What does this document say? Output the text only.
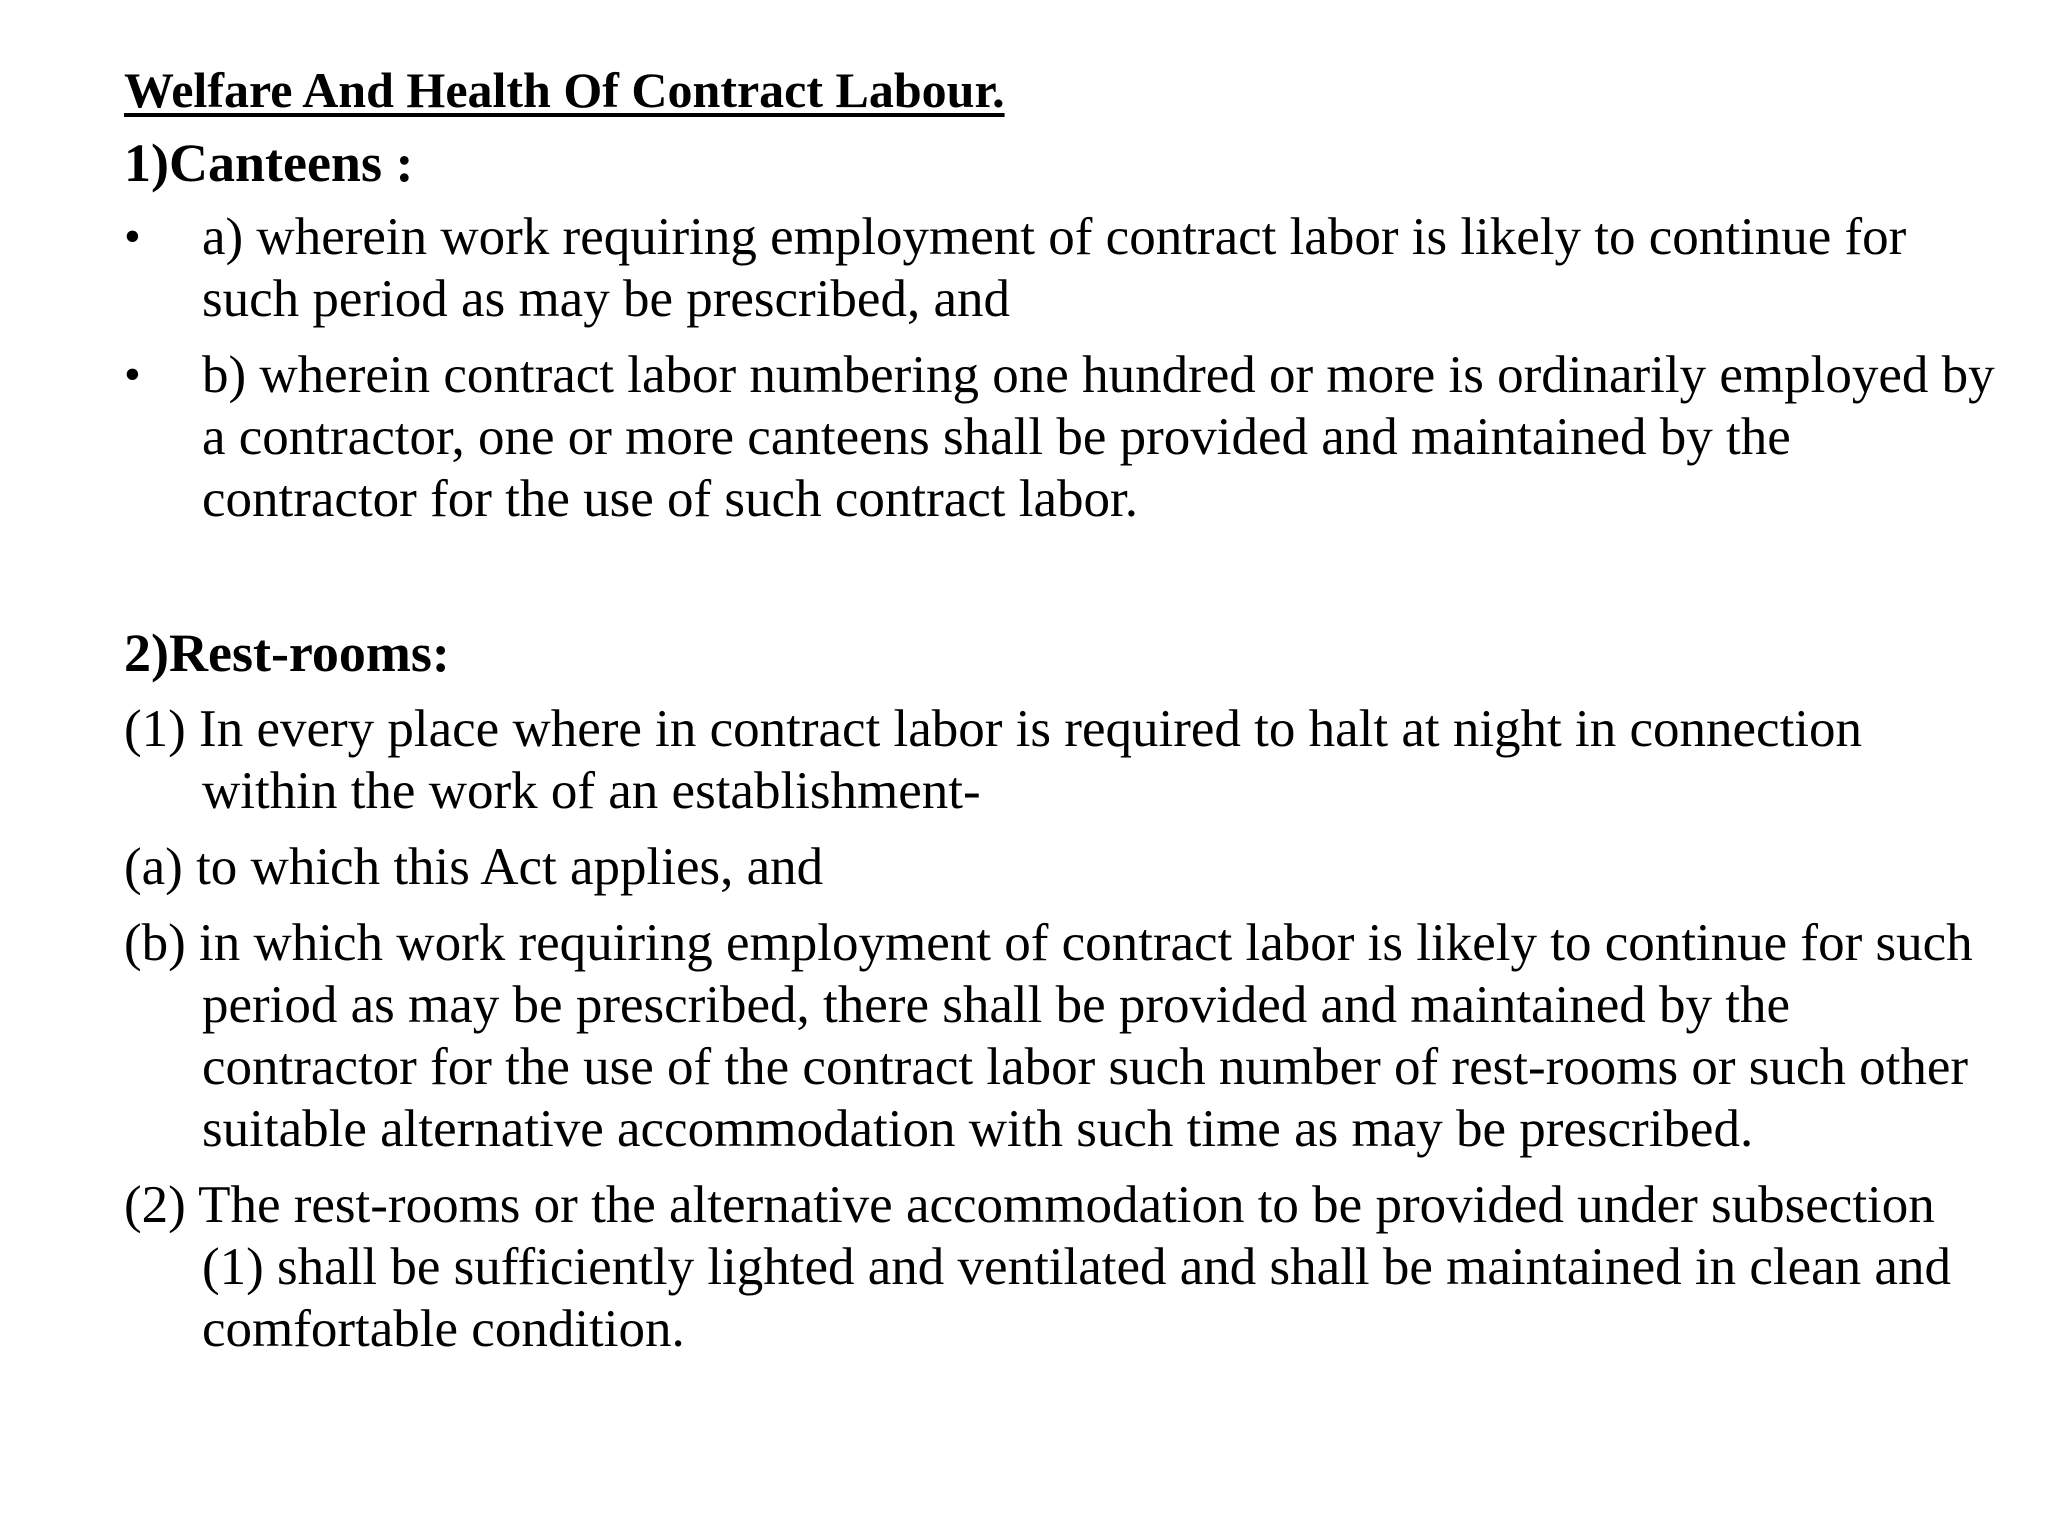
Welfare And Health Of Contract Labour.
1)Canteens :
•	a) wherein work requiring employment of contract labor is likely to continue for such period as may be prescribed, and
•	b) wherein contract labor numbering one hundred or more is ordinarily employed by a contractor, one or more canteens shall be provided and maintained by the contractor for the use of such contract labor.
2)Rest-rooms:

(1) In every place where in contract labor is required to halt at night in connection within the work of an establishment-

(a) to which this Act applies, and

(b) in which work requiring employment of contract labor is likely to continue for such period as may be prescribed, there shall be provided and maintained by the contractor for the use of the contract labor such number of rest-rooms or such other suitable alternative accommodation with such time as may be prescribed.

(2) The rest-rooms or the alternative accommodation to be provided under subsection (1) shall be sufficiently lighted and ventilated and shall be maintained in clean and comfortable condition.
